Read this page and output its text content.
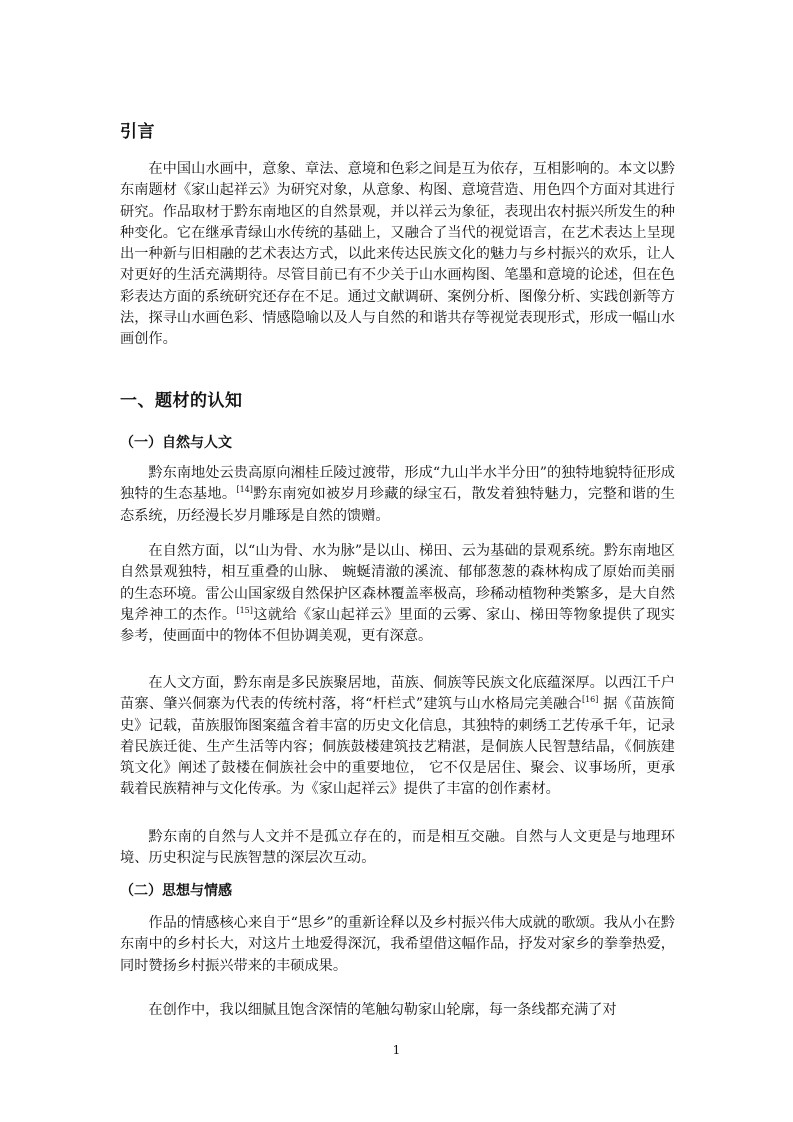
引言

在中国山水画中，意象、章法、意境和色彩之间是互为依存，互相影响的。本文以黔东南题材《家山起祥云》为研究对象，从意象、构图、意境营造、用色四个方面对其进行研究。作品取材于黔东南地区的自然景观，并以祥云为象征，表现出农村振兴所发生的种种变化。它在继承青绿山水传统的基础上，又融合了当代的视觉语言，在艺术表达上呈现出一种新与旧相融的艺术表达方式，以此来传达民族文化的魅力与乡村振兴的欢乐，让人对更好的生活充满期待。尽管目前已有不少关于山水画构图、笔墨和意境的论述，但在色彩表达方面的系统研究还存在不足。通过文献调研、案例分析、图像分析、实践创新等方法，探寻山水画色彩、情感隐喻以及人与自然的和谐共存等视觉表现形式，形成一幅山水画创作。

一、题材的认知
（一）自然与人文

黔东南地处云贵高原向湘桂丘陵过渡带，形成“九山半水半分田”的独特地貌特征形成独特的生态基地。[14]黔东南宛如被岁月珍藏的绿宝石，散发着独特魅力，完整和谐的生态系统，历经漫长岁月雕琢是自然的馈赠。

在自然方面，以“山为骨、水为脉”是以山、梯田、云为基础的景观系统。黔东南地区自然景观独特，相互重叠的山脉、 蜿蜒清澈的溪流、郁郁葱葱的森林构成了原始而美丽的生态环境。雷公山国家级自然保护区森林覆盖率极高，珍稀动植物种类繁多，是大自然鬼斧神工的杰作。[15]这就给《家山起祥云》里面的云雾、家山、梯田等物象提供了现实参考，使画面中的物体不但协调美观，更有深意。

在人文方面，黔东南是多民族聚居地，苗族、侗族等民族文化底蕴深厚。以西江千户苗寨、肇兴侗寨为代表的传统村落，将“杆栏式”建筑与山水格局完美融合[16] 据《苗族简史》记载，苗族服饰图案蕴含着丰富的历史文化信息，其独特的刺绣工艺传承千年，记录着民族迁徙、生产生活等内容；侗族鼓楼建筑技艺精湛，是侗族人民智慧结晶，《侗族建筑文化》阐述了鼓楼在侗族社会中的重要地位， 它不仅是居住、聚会、议事场所，更承载着民族精神与文化传承。为《家山起祥云》提供了丰富的创作素材。

黔东南的自然与人文并不是孤立存在的，而是相互交融。自然与人文更是与地理环境、历史积淀与民族智慧的深层次互动。

（二）思想与情感

作品的情感核心来自于“思乡”的重新诠释以及乡村振兴伟大成就的歌颂。我从小在黔东南中的乡村长大，对这片土地爱得深沉，我希望借这幅作品，抒发对家乡的拳拳热爱，同时赞扬乡村振兴带来的丰硕成果。

在创作中，我以细腻且饱含深情的笔触勾勒家山轮廓，每一条线都充满了对

1
